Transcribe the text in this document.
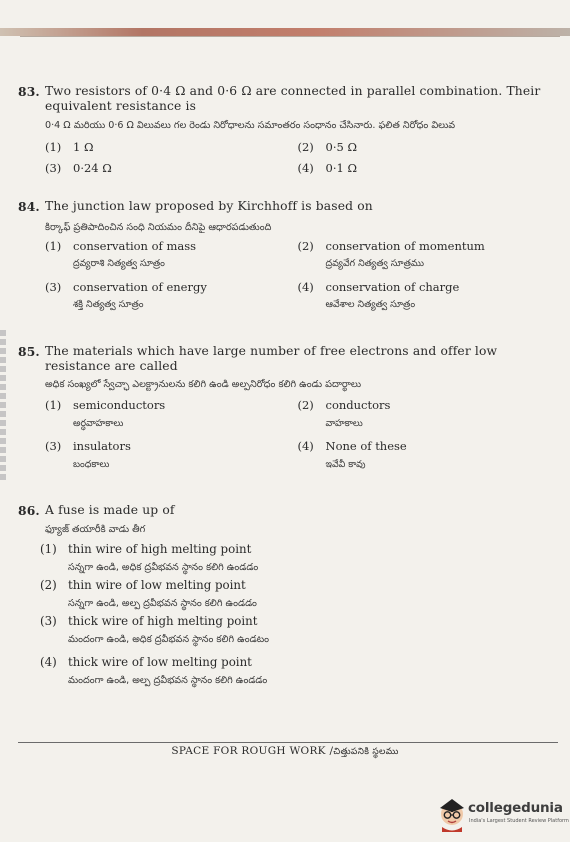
83. Two resistors of 0·4 Ω and 0·6 Ω are connected in parallel combination. Their equivalent resistance is
0·4 Ω మరియు 0·6 Ω విలువలు గల రెండు నిరోధాలను సమాంతరం సంధానం చేసినారు. ఫలిత నిరోధం విలువ
(1)	1 Ω	(2)	0·5 Ω
(3)	0·24 Ω	(4)	0·1 Ω
84. The junction law proposed by Kirchhoff is based on
కిర్కాఫ్ ప్రతిపాదించిన సంధి నియమం దీనిపై ఆధారపడుతుంది
(1)	conservation of mass
ద్రవ్యరాశి నిత్యత్వ సూత్రం
(2)	conservation of momentum
ద్రవ్యవేగ నిత్యత్వ సూత్రము
(3)	conservation of energy
శక్తి నిత్యత్వ సూత్రం
(4)	conservation of charge
ఆవేశాల నిత్యత్వ సూత్రం
85. The materials which have large number of free electrons and offer low resistance are called
అధిక సంఖ్యలో స్వేచ్ఛా ఎలక్ట్రానులను కలిగి ఉండి అల్పనిరోధం కలిగి ఉండు పదార్థాలు
(1)	semiconductors
అర్ధవాహకాలు
(2)	conductors
వాహకాలు
(3)	insulators
బంధకాలు
(4)	None of these
ఇవేవీ కావు
86. A fuse is made up of
ఫ్యూజ్ తయారీకి వాడు తీగ
(1) thin wire of high melting point
సన్నగా ఉండి, అధిక ద్రవీభవన స్థానం కలిగి ఉండడం
(2) thin wire of low melting point
సన్నగా ఉండి, అల్ప ద్రవీభవన స్థానం కలిగి ఉండడం
(3) thick wire of high melting point
మందంగా ఉండి, అధిక ద్రవీభవన స్థానం కలిగి ఉండటం
(4) thick wire of low melting point
మందంగా ఉండి, అల్ప ద్రవీభవన స్థానం కలిగి ఉండడం
SPACE FOR ROUGH WORK /చిత్తుపనికి స్థలము
collegedunia
India's Largest Student Review Platform
